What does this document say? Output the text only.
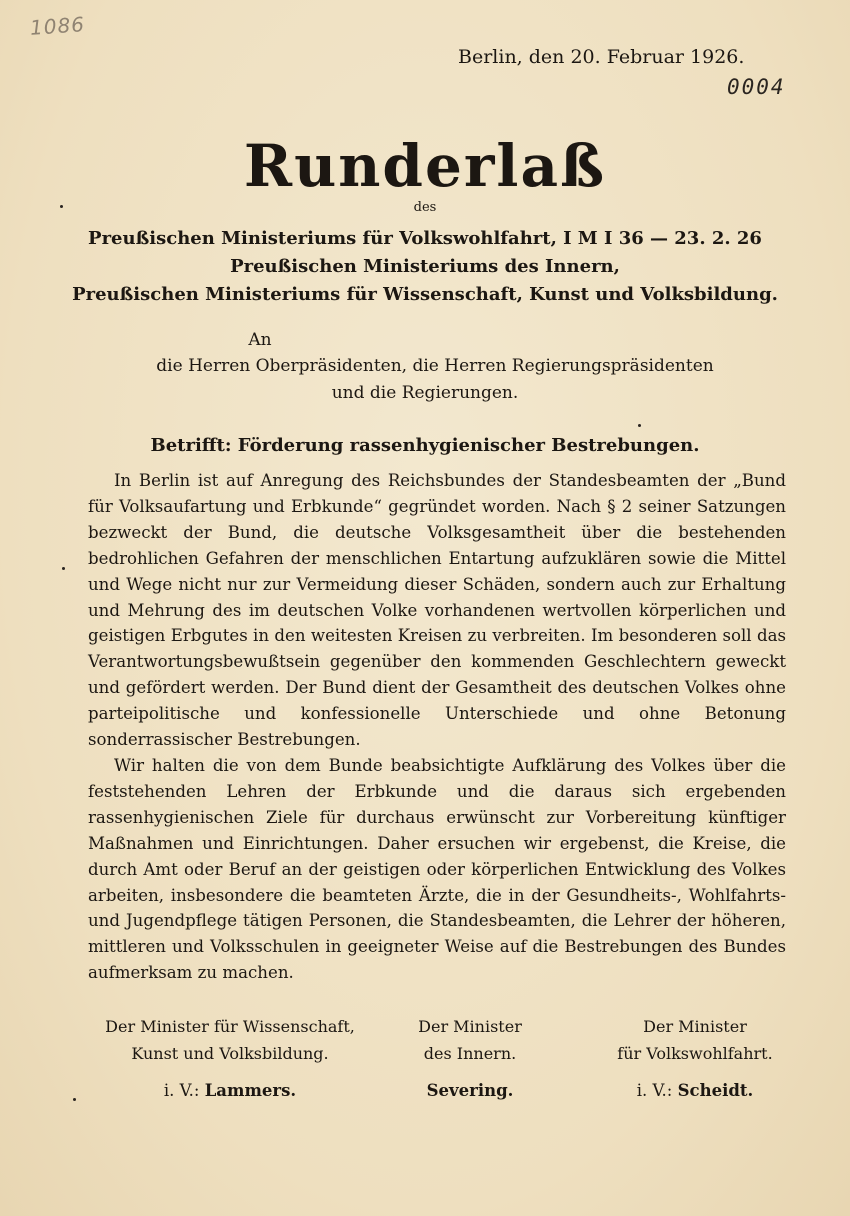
1086
Berlin, den 20. Februar 1926.
0004
Runderlaß
des
Preußischen Ministeriums für Volkswohlfahrt, I M I 36 — 23. 2. 26
Preußischen Ministeriums des Innern,
Preußischen Ministeriums für Wissenschaft, Kunst und Volksbildung.
An
die Herren Oberpräsidenten, die Herren Regierungspräsidenten
und die Regierungen.
Betrifft: Förderung rassenhygienischer Bestrebungen.

In Berlin ist auf Anregung des Reichsbundes der Standesbeamten der „Bund für Volksaufartung und Erbkunde“ gegründet worden. Nach § 2 seiner Satzungen bezweckt der Bund, die deutsche Volksgesamtheit über die bestehenden bedrohlichen Gefahren der menschlichen Entartung aufzuklären sowie die Mittel und Wege nicht nur zur Vermeidung dieser Schäden, sondern auch zur Erhaltung und Mehrung des im deutschen Volke vorhandenen wertvollen körperlichen und geistigen Erbgutes in den weitesten Kreisen zu verbreiten. Im besonderen soll das Verantwortungsbewußtsein gegenüber den kommenden Geschlechtern geweckt und gefördert werden. Der Bund dient der Gesamtheit des deutschen Volkes ohne parteipolitische und konfessionelle Unterschiede und ohne Betonung sonderrassischer Bestrebungen.

Wir halten die von dem Bunde beabsichtigte Aufklärung des Volkes über die feststehenden Lehren der Erbkunde und die daraus sich ergebenden rassenhygienischen Ziele für durchaus erwünscht zur Vorbereitung künftiger Maßnahmen und Einrichtungen. Daher ersuchen wir ergebenst, die Kreise, die durch Amt oder Beruf an der geistigen oder körperlichen Entwicklung des Volkes arbeiten, insbesondere die beamteten Ärzte, die in der Gesundheits-, Wohlfahrts- und Jugendpflege tätigen Personen, die Standesbeamten, die Lehrer der höheren, mittleren und Volksschulen in geeigneter Weise auf die Bestrebungen des Bundes aufmerksam zu machen.

Der Minister für Wissenschaft,
Kunst und Volksbildung.
i. V.: Lammers.
Der Minister
des Innern.
Severing.
Der Minister
für Volkswohlfahrt.
i. V.: Scheidt.
